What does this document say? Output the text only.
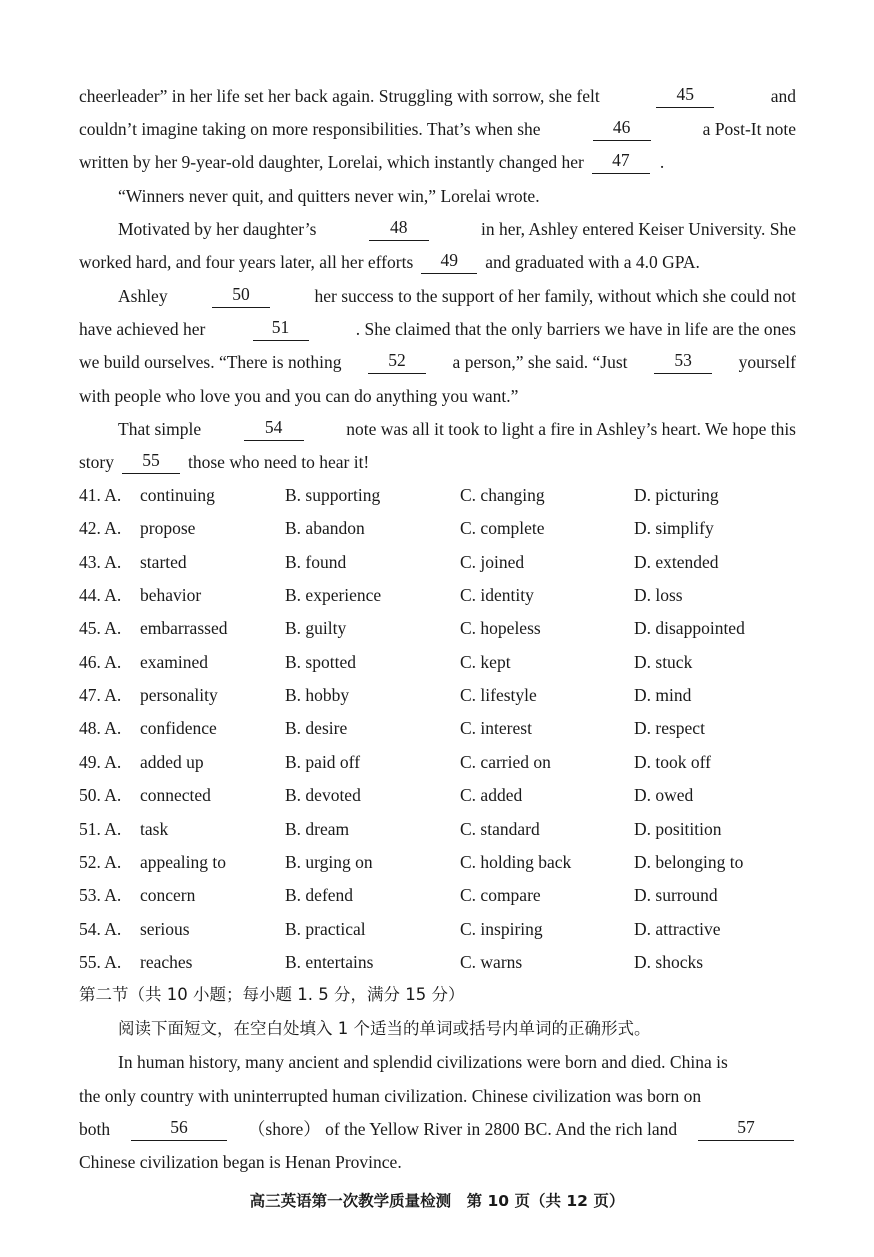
cheerleader” in her life set her back again. Struggling with sorrow, she felt	45	and
couldn’t imagine taking on more responsibilities. That’s when she	46	a Post-It note
written by her 9-year-old daughter, Lorelai, which instantly changed her	47	.
“Winners never quit, and quitters never win,” Lorelai wrote.
Motivated by her daughter’s	48	in her, Ashley entered Keiser University. She
worked hard, and four years later, all her efforts	49	and graduated with a 4.0 GPA.
Ashley	50	her success to the support of her family, without which she could not
have achieved her	51	. She claimed that the only barriers we have in life are the ones
we build ourselves. “There is nothing	52	a person,” she said. “Just	53	yourself
with people who love you and you can do anything you want.”
That simple	54	note was all it took to light a fire in Ashley’s heart. We hope this
story	55	those who need to hear it!
41. A. continuing	B. supporting	C. changing	D. picturing
42. A. propose	B. abandon	C. complete	D. simplify
43. A. started	B. found	C. joined	D. extended
44. A. behavior	B. experience	C. identity	D. loss
45. A. embarrassed	B. guilty	C. hopeless	D. disappointed
46. A. examined	B. spotted	C. kept	D. stuck
47. A. personality	B. hobby	C. lifestyle	D. mind
48. A. confidence	B. desire	C. interest	D. respect
49. A. added up	B. paid off	C. carried on	D. took off
50. A. connected	B. devoted	C. added	D. owed
51. A. task	B. dream	C. standard	D. positition
52. A. appealing to	B. urging on	C. holding back	D. belonging to
53. A. concern	B. defend	C. compare	D. surround
54. A. serious	B. practical	C. inspiring	D. attractive
55. A. reaches	B. entertains	C. warns	D. shocks
第二节（共 10 小题；每小题 1. 5 分，满分 15 分）
阅读下面短文，在空白处填入 1 个适当的单词或括号内单词的正确形式。
In human history, many ancient and splendid civilizations were born and died. China is
the only country with uninterrupted human civilization. Chinese civilization was born on
both	56	（shore） of the Yellow River in 2800 BC. And the rich land	57
Chinese civilization began is Henan Province.
高三英语第一次教学质量检测　第 10 页（共 12 页）
